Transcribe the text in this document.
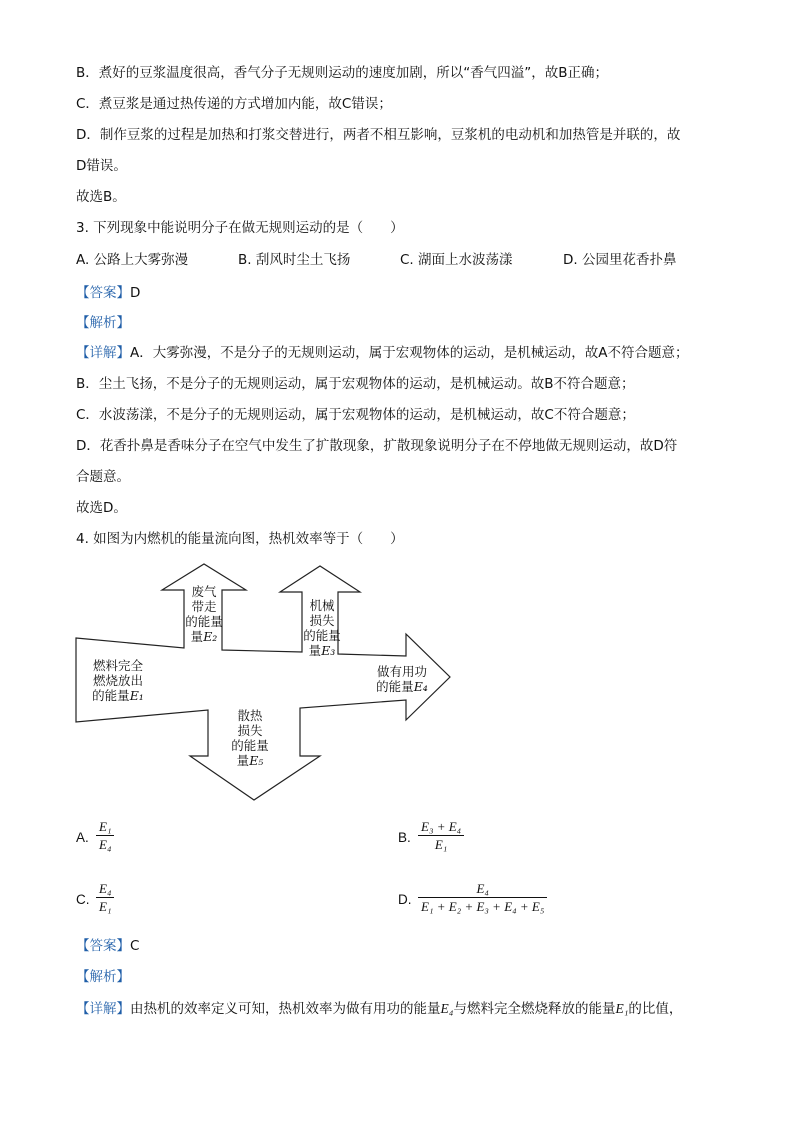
B．煮好的豆浆温度很高，香气分子无规则运动的速度加剧，所以“香气四溢”，故B正确；
C．煮豆浆是通过热传递的方式增加内能，故C错误；
D．制作豆浆的过程是加热和打浆交替进行，两者不相互影响，豆浆机的电动机和加热管是并联的，故
D错误。
故选B。
3. 下列现象中能说明分子在做无规则运动的是（　　）
A. 公路上大雾弥漫	B. 刮风时尘土飞扬	C. 湖面上水波荡漾	D. 公园里花香扑鼻
【答案】D
【解析】
【详解】A．大雾弥漫，不是分子的无规则运动，属于宏观物体的运动，是机械运动，故A不符合题意；
B．尘土飞扬，不是分子的无规则运动，属于宏观物体的运动，是机械运动。故B不符合题意；
C．水波荡漾，不是分子的无规则运动，属于宏观物体的运动，是机械运动，故C不符合题意；
D．花香扑鼻是香味分子在空气中发生了扩散现象，扩散现象说明分子在不停地做无规则运动，故D符
合题意。
故选D。
4. 如图为内燃机的能量流向图，热机效率等于（　　）
燃料完全
燃烧放出
的能量E₁
废气
带走
的能量
量E₂
机械
损失
的能量
量E₃
做有用功
的能量E₄
散热
损失
的能量
量E₅
A.
E₁
E₄	B.
E₃ + E₄
E₁
C.
E₄
E₁	D.
E₄
E₁ + E₂ + E₃ + E₄ + E₅
【答案】C
【解析】
【详解】由热机的效率定义可知，热机效率为做有用功的能量E₄与燃料完全燃烧释放的能量E₁的比值，
